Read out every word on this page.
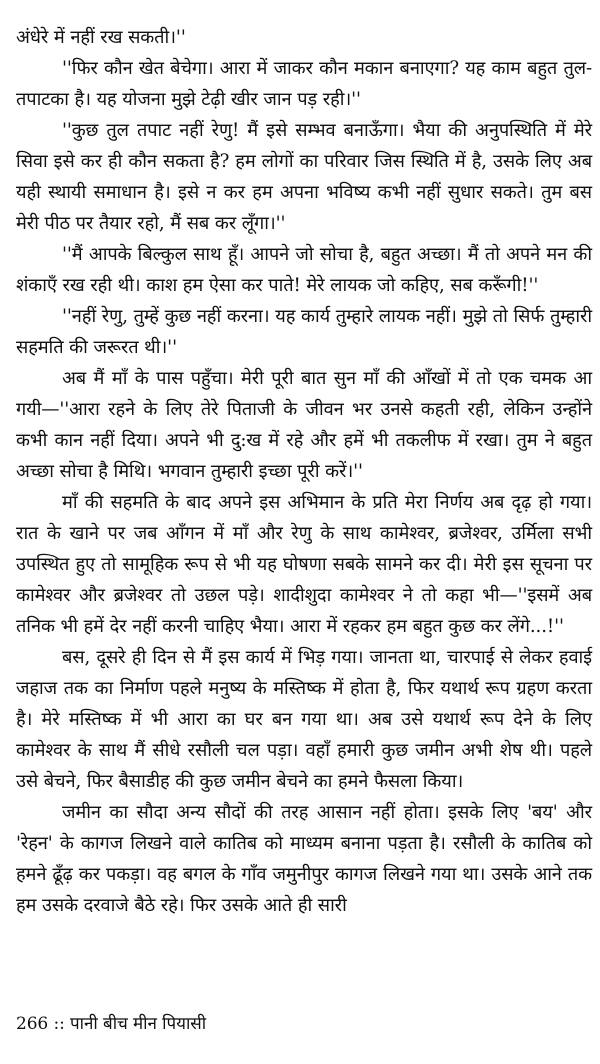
अंधेरे में नहीं रख सकती।''

''फिर कौन खेत बेचेगा। आरा में जाकर कौन मकान बनाएगा? यह काम बहुत तुल-तपाटका है। यह योजना मुझे टेढ़ी खीर जान पड़ रही।''

''कुछ तुल तपाट नहीं रेणु! मैं इसे सम्भव बनाऊँगा। भैया की अनुपस्थिति में मेरे सिवा इसे कर ही कौन सकता है? हम लोगों का परिवार जिस स्थिति में है, उसके लिए अब यही स्थायी समाधान है। इसे न कर हम अपना भविष्य कभी नहीं सुधार सकते। तुम बस मेरी पीठ पर तैयार रहो, मैं सब कर लूँगा।''

''मैं आपके बिल्कुल साथ हूँ। आपने जो सोचा है, बहुत अच्छा। मैं तो अपने मन की शंकाएँ रख रही थी। काश हम ऐसा कर पाते! मेरे लायक जो कहिए, सब करूँगी!''

''नहीं रेणु, तुम्हें कुछ नहीं करना। यह कार्य तुम्हारे लायक नहीं। मुझे तो सिर्फ तुम्हारी सहमति की जरूरत थी।''

अब मैं माँ के पास पहुँचा। मेरी पूरी बात सुन माँ की आँखों में तो एक चमक आ गयी—''आरा रहने के लिए तेरे पिताजी के जीवन भर उनसे कहती रही, लेकिन उन्होंने कभी कान नहीं दिया। अपने भी दु:ख में रहे और हमें भी तकलीफ में रखा। तुम ने बहुत अच्छा सोचा है मिथि। भगवान तुम्हारी इच्छा पूरी करें।''

माँ की सहमति के बाद अपने इस अभिमान के प्रति मेरा निर्णय अब दृढ़ हो गया। रात के खाने पर जब आँगन में माँ और रेणु के साथ कामेश्वर, ब्रजेश्वर, उर्मिला सभी उपस्थित हुए तो सामूहिक रूप से भी यह घोषणा सबके सामने कर दी। मेरी इस सूचना पर कामेश्वर और ब्रजेश्वर तो उछल पड़े। शादीशुदा कामेश्वर ने तो कहा भी—''इसमें अब तनिक भी हमें देर नहीं करनी चाहिए भैया। आरा में रहकर हम बहुत कुछ कर लेंगे...!''

बस, दूसरे ही दिन से मैं इस कार्य में भिड़ गया। जानता था, चारपाई से लेकर हवाई जहाज तक का निर्माण पहले मनुष्य के मस्तिष्क में होता है, फिर यथार्थ रूप ग्रहण करता है। मेरे मस्तिष्क में भी आरा का घर बन गया था। अब उसे यथार्थ रूप देने के लिए कामेश्वर के साथ मैं सीधे रसौली चल पड़ा। वहाँ हमारी कुछ जमीन अभी शेष थी। पहले उसे बेचने, फिर बैसाडीह की कुछ जमीन बेचने का हमने फैसला किया।

जमीन का सौदा अन्य सौदों की तरह आसान नहीं होता। इसके लिए 'बय' और 'रेहन' के कागज लिखने वाले कातिब को माध्यम बनाना पड़ता है। रसौली के कातिब को हमने ढूँढ़ कर पकड़ा। वह बगल के गाँव जमुनीपुर कागज लिखने गया था। उसके आने तक हम उसके दरवाजे बैठे रहे। फिर उसके आते ही सारी

266 :: पानी बीच मीन पियासी
